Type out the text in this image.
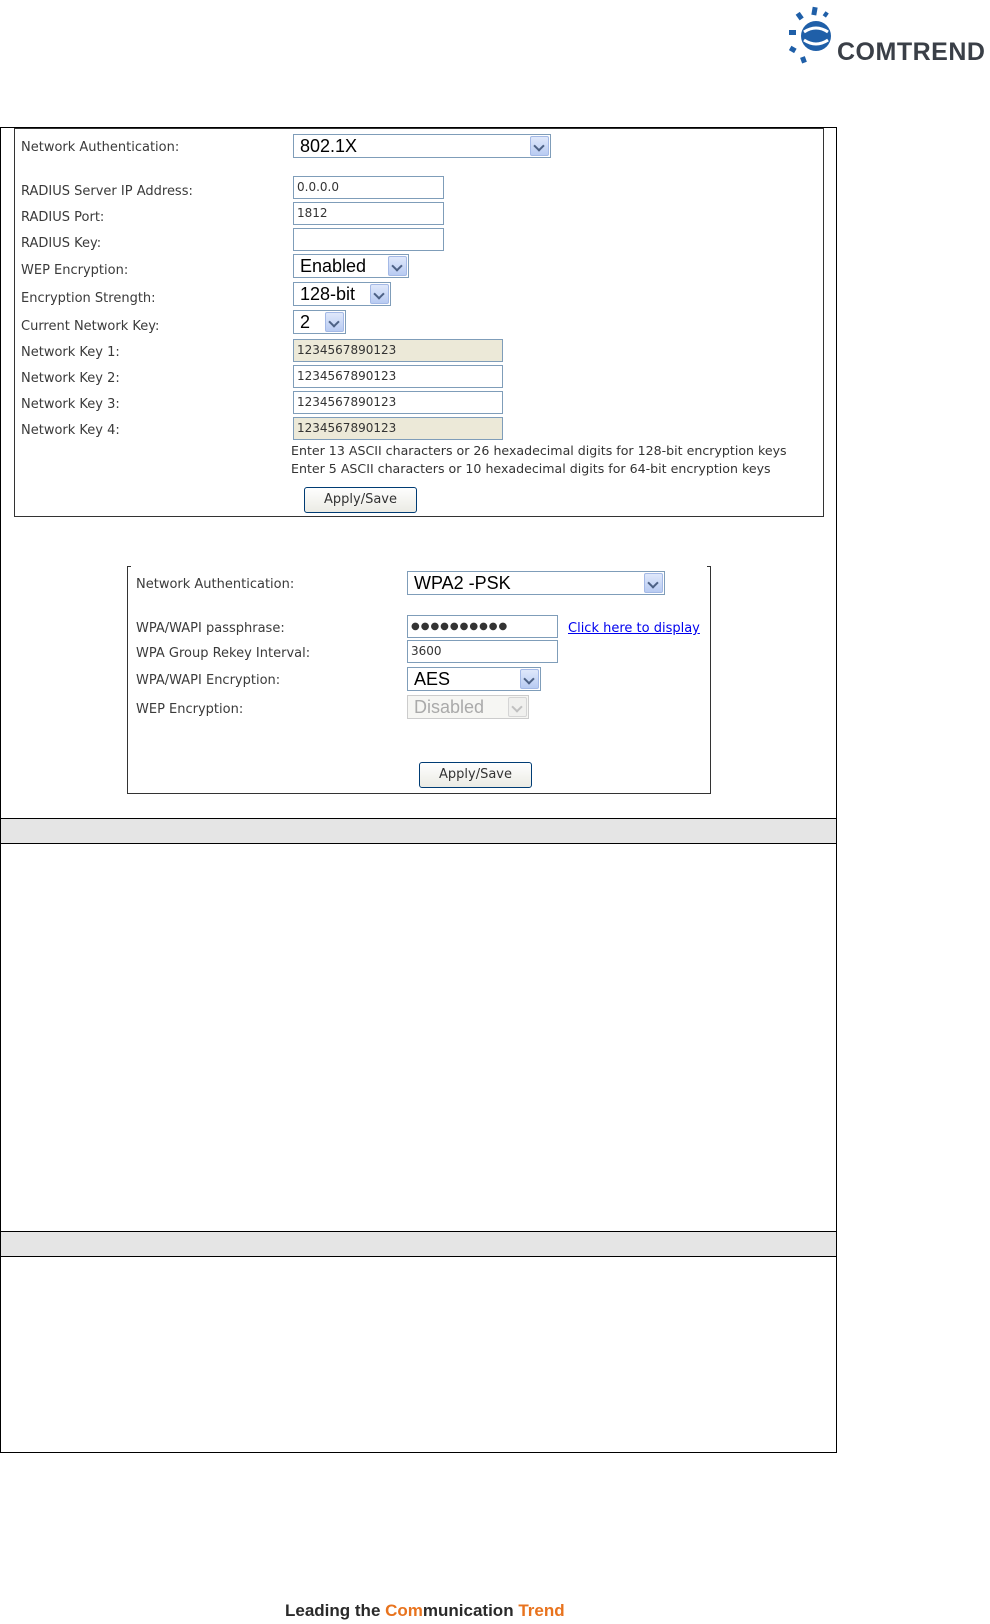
COMTREND
Network Authentication:	802.1X
RADIUS Server IP Address:	0.0.0.0
RADIUS Port:	1812
RADIUS Key:
WEP Encryption:	Enabled
Encryption Strength:	128-bit
Current Network Key:	2
Network Key 1:	1234567890123
Network Key 2:	1234567890123
Network Key 3:	1234567890123
Network Key 4:	1234567890123
Enter 13 ASCII characters or 26 hexadecimal digits for 128-bit encryption keys
Enter 5 ASCII characters or 10 hexadecimal digits for 64-bit encryption keys
Apply/Save
Network Authentication:	WPA2 -PSK
WPA/WAPI passphrase:	●●●●●●●●●●	Click here to display
WPA Group Rekey Interval:	3600
WPA/WAPI Encryption:	AES
WEP Encryption:	Disabled
Apply/Save
Leading the Communication Trend
